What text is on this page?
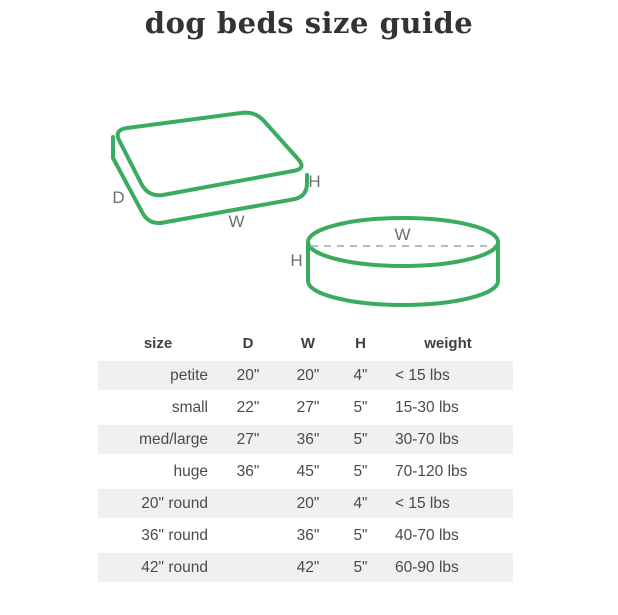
dog beds size guide
D
W
H
W
H
size	D	W	H	weight
petite	20"	20"	4"	< 15 lbs
small	22"	27"	5"	15-30 lbs
med/large	27"	36"	5"	30-70 lbs
huge	36"	45"	5"	70-120 lbs
20" round		20"	4"	< 15 lbs
36" round		36"	5"	40-70 lbs
42" round		42"	5"	60-90 lbs
